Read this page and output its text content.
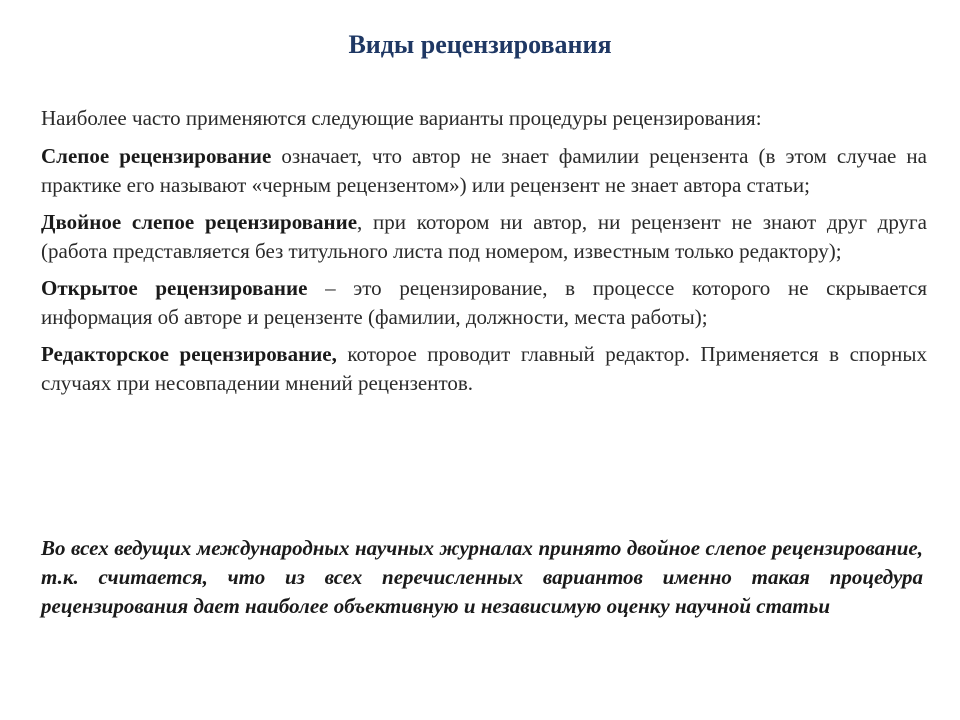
Виды рецензирования

Наиболее часто применяются следующие варианты процедуры рецензирования:

Слепое рецензирование означает, что автор не знает фамилии рецензента (в этом случае на практике его называют «черным рецензентом») или рецензент не знает автора статьи;

Двойное слепое рецензирование, при котором ни автор, ни рецензент не знают друг друга (работа представляется без титульного листа под номером, известным только редактору);

Открытое рецензирование – это рецензирование, в процессе которого не скрывается информация об авторе и рецензенте (фамилии, должности, места работы);

Редакторское рецензирование, которое проводит главный редактор. Применяется в спорных случаях при несовпадении мнений рецензентов.

Во всех ведущих международных научных журналах принято двойное слепое рецензирование, т.к. считается, что из всех перечисленных вариантов именно такая процедура рецензирования дает наиболее объективную и независимую оценку научной статьи
